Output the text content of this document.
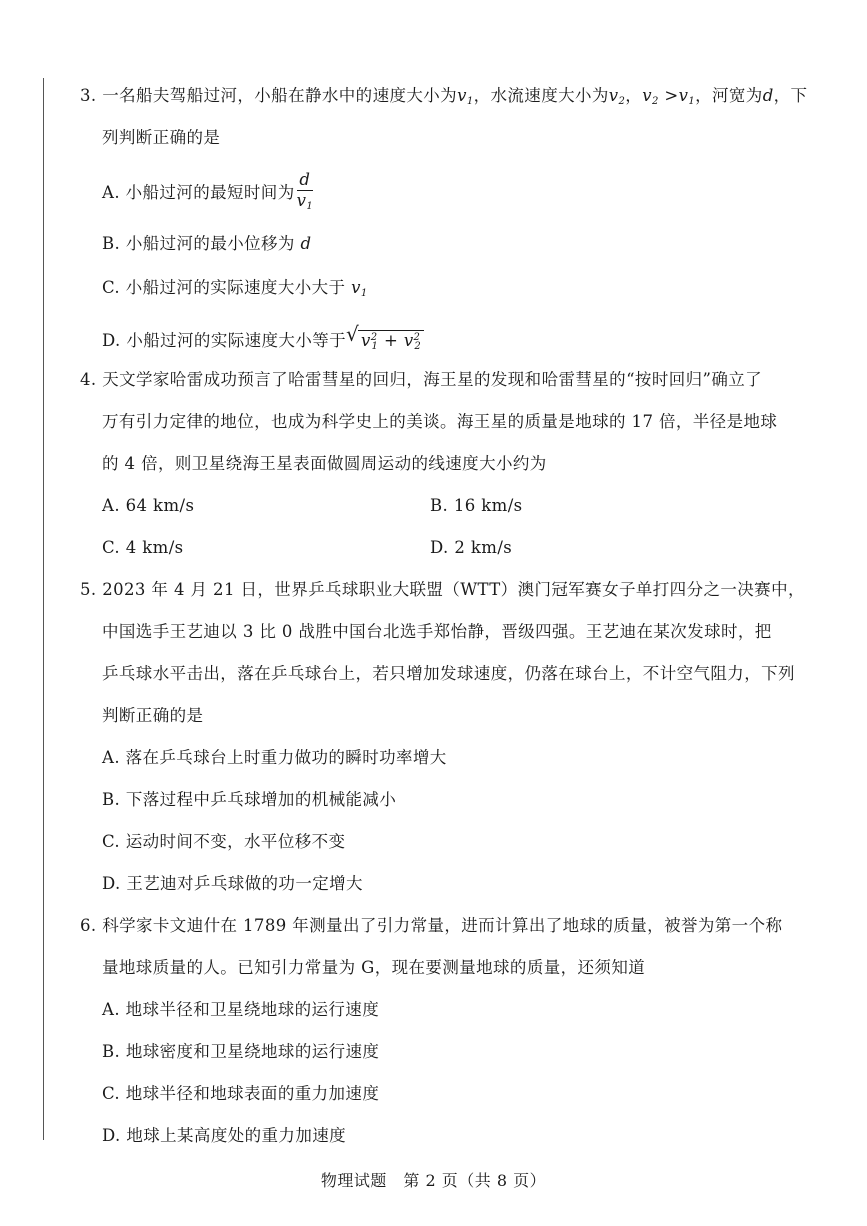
3. 一名船夫驾船过河，小船在静水中的速度大小为$v_1$，水流速度大小为$v_2$，$v_2 >v_1$，河宽为d，下
列判断正确的是
A. 小船过河的最短时间为 $\frac{d}{v_1}$
B. 小船过河的最小位移为 d
C. 小船过河的实际速度大小大于 $v_1$
D. 小船过河的实际速度大小等于 √ $v^2_1 + v^2_2$
4. 天文学家哈雷成功预言了哈雷彗星的回归，海王星的发现和哈雷彗星的“按时回归”确立了
万有引力定律的地位，也成为科学史上的美谈。海王星的质量是地球的 17 倍，半径是地球
的 4 倍，则卫星绕海王星表面做圆周运动的线速度大小约为
A. 64 km/s	B. 16 km/s
C. 4 km/s	D. 2 km/s
5. 2023 年 4 月 21 日，世界乒乓球职业大联盟（WTT）澳门冠军赛女子单打四分之一决赛中，
中国选手王艺迪以 3 比 0 战胜中国台北选手郑怡静，晋级四强。王艺迪在某次发球时，把
乒乓球水平击出，落在乒乓球台上，若只增加发球速度，仍落在球台上，不计空气阻力，下列
判断正确的是
A. 落在乒乓球台上时重力做功的瞬时功率增大
B. 下落过程中乒乓球增加的机械能减小
C. 运动时间不变，水平位移不变
D. 王艺迪对乒乓球做的功一定增大
6. 科学家卡文迪什在 1789 年测量出了引力常量，进而计算出了地球的质量，被誉为第一个称
量地球质量的人。已知引力常量为 G，现在要测量地球的质量，还须知道
A. 地球半径和卫星绕地球的运行速度
B. 地球密度和卫星绕地球的运行速度
C. 地球半径和地球表面的重力加速度
D. 地球上某高度处的重力加速度
物理试题　第 2 页（共 8 页）
